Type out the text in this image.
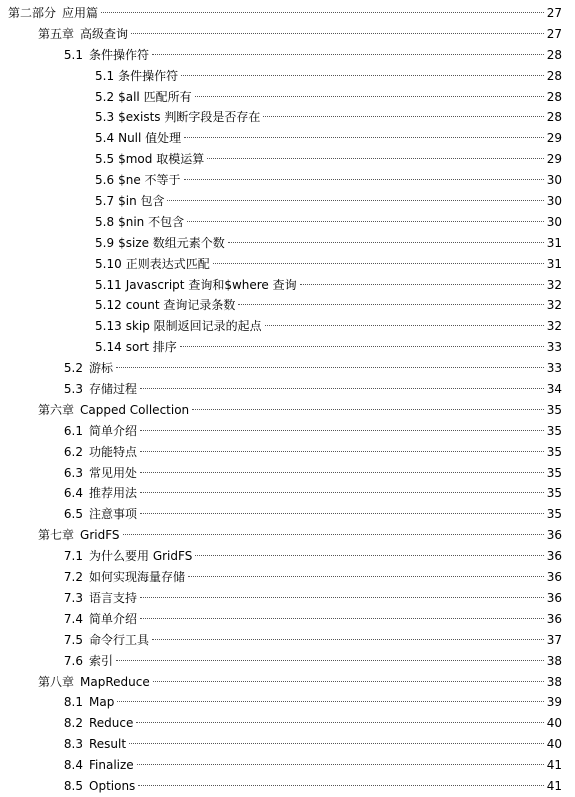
第二部分 应用篇	27
第五章 高级查询	27
5.1 条件操作符	28
5.1 条件操作符	28
5.2 $all 匹配所有	28
5.3 $exists 判断字段是否存在	28
5.4 Null 值处理	29
5.5 $mod 取模运算	29
5.6 $ne 不等于	30
5.7 $in 包含	30
5.8 $nin 不包含	30
5.9 $size 数组元素个数	31
5.10 正则表达式匹配	31
5.11 Javascript 查询和$where 查询	32
5.12 count 查询记录条数	32
5.13 skip 限制返回记录的起点	32
5.14 sort 排序	33
5.2 游标	33
5.3 存储过程	34
第六章 Capped Collection	35
6.1 简单介绍	35
6.2 功能特点	35
6.3 常见用处	35
6.4 推荐用法	35
6.5 注意事项	35
第七章 GridFS	36
7.1 为什么要用 GridFS	36
7.2 如何实现海量存储	36
7.3 语言支持	36
7.4 简单介绍	36
7.5 命令行工具	37
7.6 索引	38
第八章 MapReduce	38
8.1 Map	39
8.2 Reduce	40
8.3 Result	40
8.4 Finalize	41
8.5 Options	41
